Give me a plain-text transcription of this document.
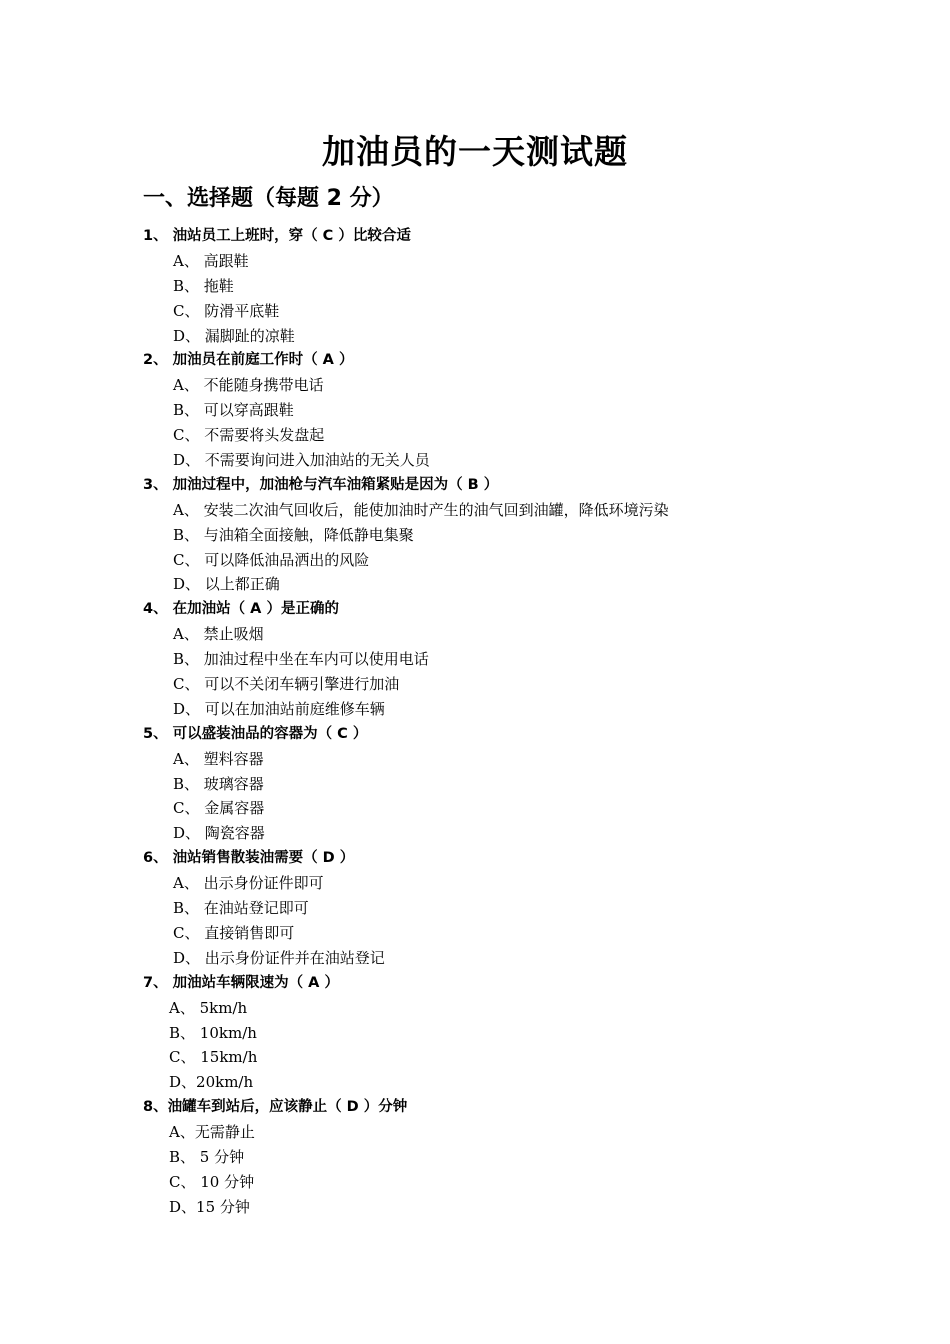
加油员的一天测试题
一、选择题（每题 2 分）
1、 油站员工上班时，穿（ C ）比较合适
A、 高跟鞋
B、 拖鞋
C、 防滑平底鞋
D、 漏脚趾的凉鞋
2、 加油员在前庭工作时（ A ）
A、 不能随身携带电话
B、 可以穿高跟鞋
C、 不需要将头发盘起
D、 不需要询问进入加油站的无关人员
3、 加油过程中，加油枪与汽车油箱紧贴是因为（ B ）
A、 安装二次油气回收后，能使加油时产生的油气回到油罐，降低环境污染
B、 与油箱全面接触，降低静电集聚
C、 可以降低油品洒出的风险
D、 以上都正确
4、 在加油站（ A ）是正确的
A、 禁止吸烟
B、 加油过程中坐在车内可以使用电话
C、 可以不关闭车辆引擎进行加油
D、 可以在加油站前庭维修车辆
5、 可以盛装油品的容器为（ C ）
A、 塑料容器
B、 玻璃容器
C、 金属容器
D、 陶瓷容器
6、 油站销售散装油需要（ D ）
A、 出示身份证件即可
B、 在油站登记即可
C、 直接销售即可
D、 出示身份证件并在油站登记
7、 加油站车辆限速为（ A ）
A、 5km/h
B、 10km/h
C、 15km/h
D、20km/h
8、油罐车到站后，应该静止（ D ）分钟
A、无需静止
B、 5 分钟
C、 10 分钟
D、15 分钟
